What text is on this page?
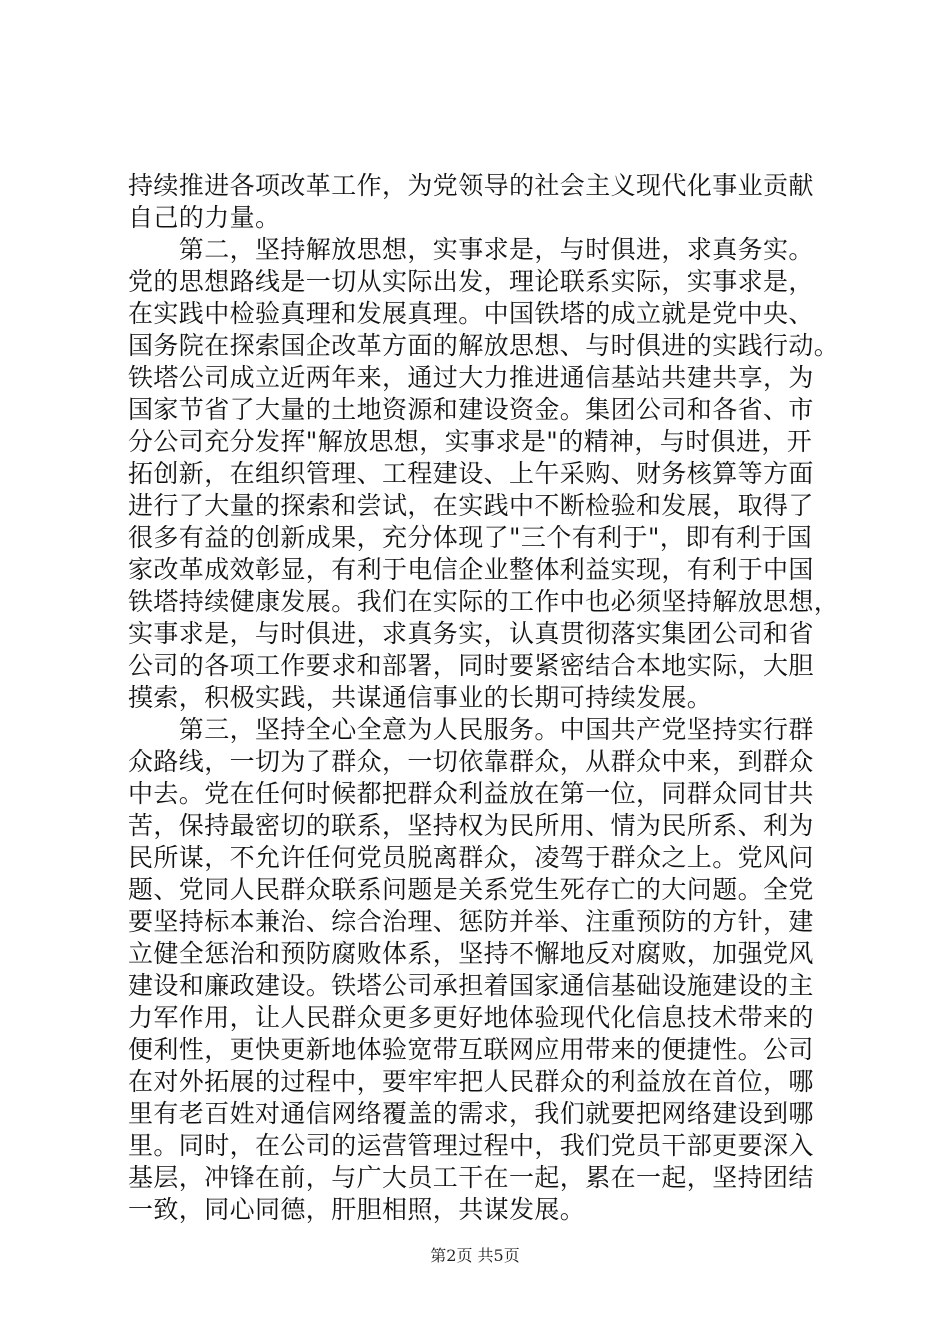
持续推进各项改革工作，为党领导的社会主义现代化事业贡献
自己的力量。
　　第二，坚持解放思想，实事求是，与时俱进，求真务实。
党的思想路线是一切从实际出发，理论联系实际，实事求是，
在实践中检验真理和发展真理。中国铁塔的成立就是党中央、
国务院在探索国企改革方面的解放思想、与时俱进的实践行动。
铁塔公司成立近两年来，通过大力推进通信基站共建共享，为
国家节省了大量的土地资源和建设资金。集团公司和各省、市
分公司充分发挥"解放思想，实事求是"的精神，与时俱进，开
拓创新，在组织管理、工程建设、上午采购、财务核算等方面
进行了大量的探索和尝试，在实践中不断检验和发展，取得了
很多有益的创新成果，充分体现了"三个有利于"，即有利于国
家改革成效彰显，有利于电信企业整体利益实现，有利于中国
铁塔持续健康发展。我们在实际的工作中也必须坚持解放思想，
实事求是，与时俱进，求真务实，认真贯彻落实集团公司和省
公司的各项工作要求和部署，同时要紧密结合本地实际，大胆
摸索，积极实践，共谋通信事业的长期可持续发展。
　　第三，坚持全心全意为人民服务。中国共产党坚持实行群
众路线，一切为了群众，一切依靠群众，从群众中来，到群众
中去。党在任何时候都把群众利益放在第一位，同群众同甘共
苦，保持最密切的联系，坚持权为民所用、情为民所系、利为
民所谋，不允许任何党员脱离群众，凌驾于群众之上。党风问
题、党同人民群众联系问题是关系党生死存亡的大问题。全党
要坚持标本兼治、综合治理、惩防并举、注重预防的方针，建
立健全惩治和预防腐败体系，坚持不懈地反对腐败，加强党风
建设和廉政建设。铁塔公司承担着国家通信基础设施建设的主
力军作用，让人民群众更多更好地体验现代化信息技术带来的
便利性，更快更新地体验宽带互联网应用带来的便捷性。公司
在对外拓展的过程中，要牢牢把人民群众的利益放在首位，哪
里有老百姓对通信网络覆盖的需求，我们就要把网络建设到哪
里。同时，在公司的运营管理过程中，我们党员干部更要深入
基层，冲锋在前，与广大员工干在一起，累在一起，坚持团结
一致，同心同德，肝胆相照，共谋发展。
第2页 共5页
